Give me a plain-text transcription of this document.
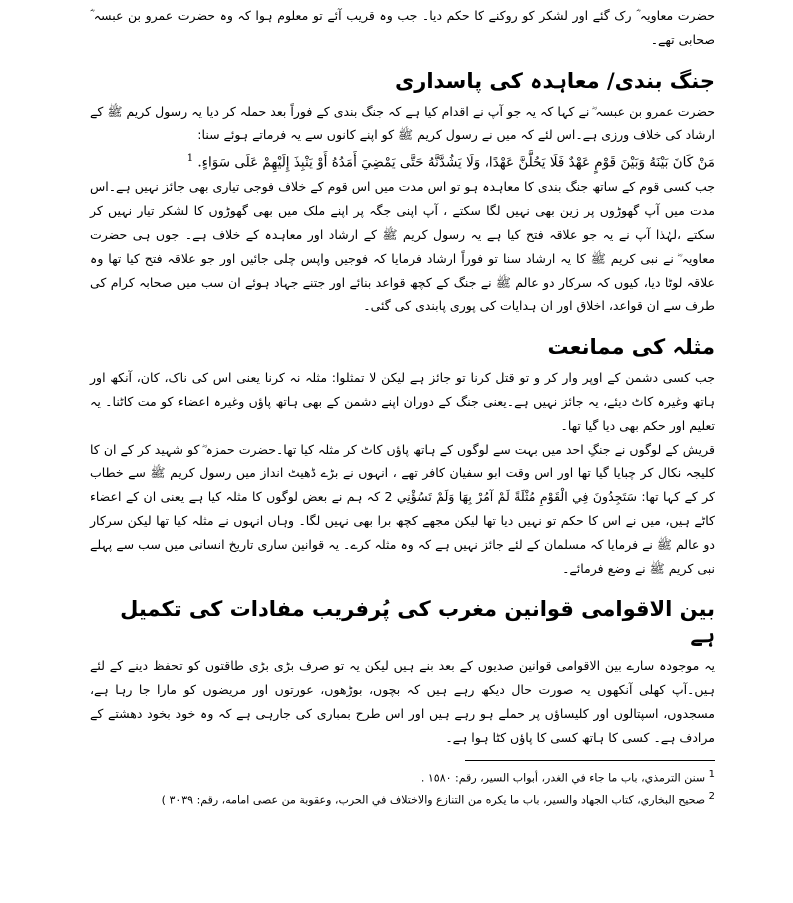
حضرت معاویہ ؓ رک گئے اور لشکر کو روکنے کا حکم دیا۔ جب وہ قریب آئے تو معلوم ہوا کہ وہ حضرت عمرو بن عبسہ ؓ صحابی تھے۔

جنگ بندی/ معاہدہ کی پاسداری

حضرت عمرو بن عبسہ ؓ نے کہا کہ یہ جو آپ نے اقدام کیا ہے کہ جنگ بندی کے فوراً بعد حملہ کر دیا یہ رسول کریم ﷺ کے ارشاد کی خلاف ورزی ہے۔اس لئے کہ میں نے رسول کریم ﷺ کو اپنے کانوں سے یہ فرماتے ہوئے سنا:

مَنْ كَانَ بَيْنَهُ وَبَيْنَ قَوْمٍ عَهْدٌ فَلَا يَحُلَّنَّ عَهْدًا، وَلَا يَشُدَّنَّهُ حَتَّى يَمْضِيَ أَمَدُهُ أَوْ يَنْبِذَ إِلَيْهِمْ عَلَى سَوَاءٍ. $^1$

جب کسی قوم کے ساتھ جنگ بندی کا معاہدہ ہو تو اس مدت میں اس قوم کے خلاف فوجی تیاری بھی جائز نہیں ہے۔اس مدت میں آپ گھوڑوں پر زین بھی نہیں لگا سکتے ، آپ اپنی جگہ پر اپنے ملک میں بھی گھوڑوں کا لشکر تیار نہیں کر سکتے ،لہٰذا آپ نے یہ جو علاقہ فتح کیا ہے یہ رسول کریم ﷺ کے ارشاد اور معاہدہ کے خلاف ہے۔ جوں ہی حضرت معاویہ ؓ نے نبی کریم ﷺ کا یہ ارشاد سنا تو فوراً ارشاد فرمایا کہ فوجیں واپس چلی جائیں اور جو علاقہ فتح کیا تھا وہ علاقہ لوٹا دیا، کیوں کہ سرکار دو عالم ﷺ نے جنگ کے کچھ قواعد بنائے اور جتنے جہاد ہوئے ان سب میں صحابہ کرام کی طرف سے ان قواعد، اخلاق اور ان ہدایات کی پوری پابندی کی گئی۔

مثلہ کی ممانعت

جب کسی دشمن کے اوپر وار کر و تو قتل کرنا تو جائز ہے لیکن لا تمثلوا: مثلہ نہ کرنا یعنی اس کی ناک، کان، آنکھ اور ہاتھ وغیرہ کاٹ دیئے، یہ جائز نہیں ہے۔یعنی جنگ کے دوران اپنے دشمن کے بھی ہاتھ پاؤں وغیرہ اعضاء کو مت کاٹنا۔ یہ تعلیم اور حکم بھی دیا گیا تھا۔

قریش کے لوگوں نے جنگِ احد میں بہت سے لوگوں کے ہاتھ پاؤں کاٹ کر مثلہ کیا تھا۔حضرت حمزہ ؓ کو شہید کر کے ان کا کلیجہ نکال کر چبایا گیا تھا اور اس وقت ابو سفیان کافر تھے ، انہوں نے بڑے ڈھیٹ انداز میں رسول کریم ﷺ سے خطاب کر کے کہا تھا: سَتَجِدُونَ فِي الْقَوْمِ مُثْلَةً لَمْ آمُرْ بِهَا وَلَمْ تَسُؤْنِي 2 کہ ہم نے بعض لوگوں کا مثلہ کیا ہے یعنی ان کے اعضاء کاٹے ہیں، میں نے اس کا حکم تو نہیں دیا تھا لیکن مجھے کچھ برا بھی نہیں لگا۔ وہاں انہوں نے مثلہ کیا تھا لیکن سرکار دو عالم ﷺ نے فرمایا کہ مسلمان کے لئے جائز نہیں ہے کہ وہ مثلہ کرے۔ یہ قوانین ساری تاریخ انسانی میں سب سے پہلے نبی کریم ﷺ نے وضع فرمائے۔

بین الاقوامی قوانین مغرب کی پُرفریب مفادات کی تکمیل ہے

یہ موجودہ سارے بین الاقوامی قوانین صدیوں کے بعد بنے ہیں لیکن یہ تو صرف بڑی بڑی طاقتوں کو تحفظ دینے کے لئے ہیں۔آپ کھلی آنکھوں یہ صورت حال دیکھ رہے ہیں کہ بچوں، بوڑھوں، عورتوں اور مریضوں کو مارا جا رہا ہے، مسجدوں، اسپتالوں اور کلیساؤں پر حملے ہو رہے ہیں اور اس طرح بمباری کی جارہی ہے کہ وہ خود بخود دھشتے کے مرادف ہے۔ کسی کا ہاتھ کسی کا پاؤں کٹا ہوا ہے۔

1 سنن الترمذي، باب ما جاء في الغدر، أبواب السير، رقم: ١٥٨٠ .

2 صحيح البخاري، كتاب الجهاد والسير، باب ما يكره من التنازع والاختلاف في الحرب، وعقوبة من عصى امامه، رقم: ٣٠٣٩ )
